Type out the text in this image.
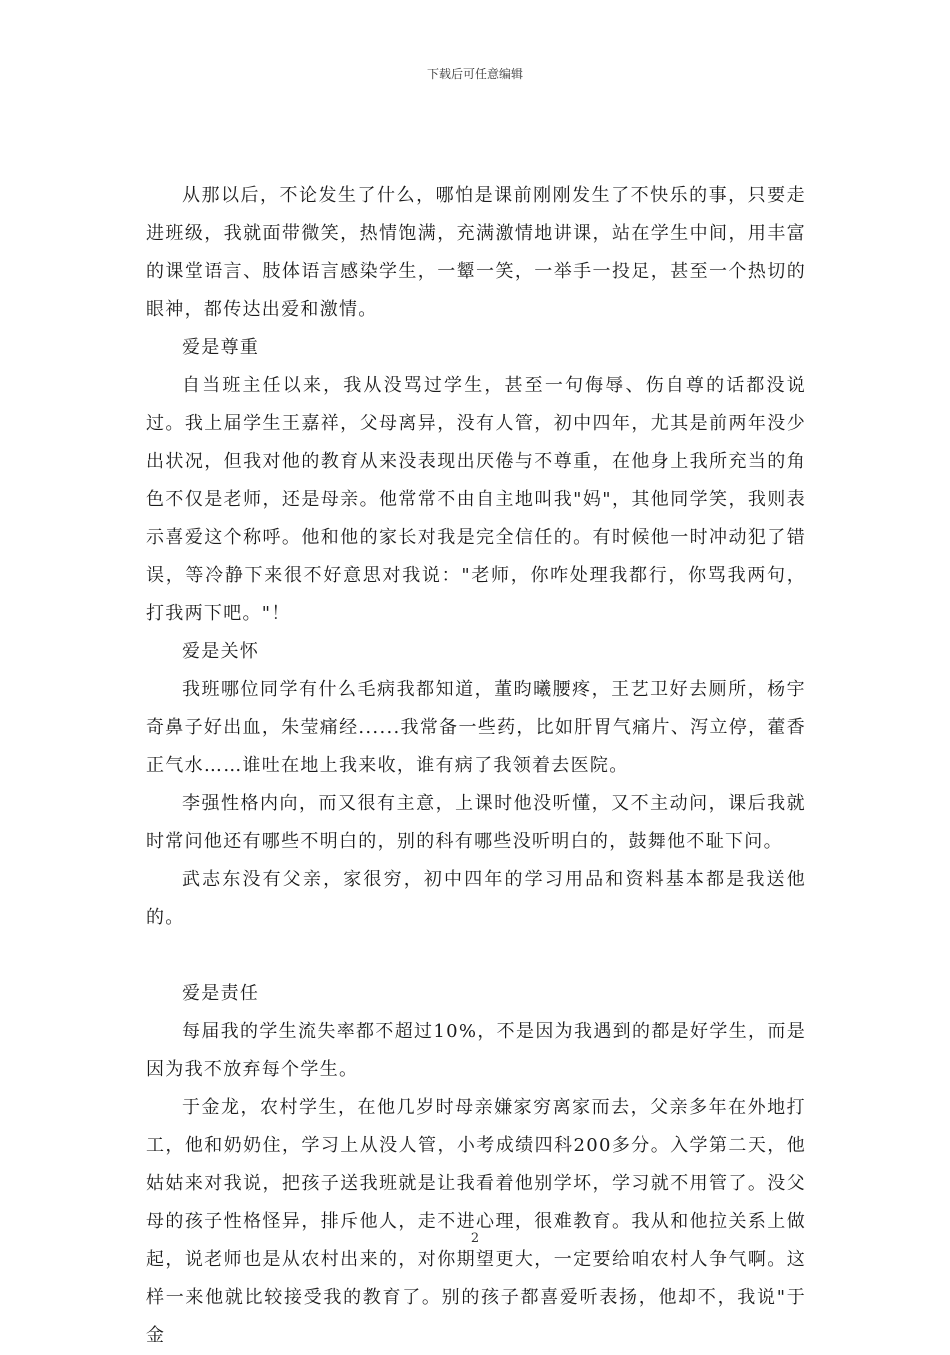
下载后可任意编辑

从那以后，不论发生了什么，哪怕是课前刚刚发生了不快乐的事，只要走进班级，我就面带微笑，热情饱满，充满激情地讲课，站在学生中间，用丰富的课堂语言、肢体语言感染学生，一颦一笑，一举手一投足，甚至一个热切的眼神，都传达出爱和激情。

爱是尊重

自当班主任以来，我从没骂过学生，甚至一句侮辱、伤自尊的话都没说过。我上届学生王嘉祥，父母离异，没有人管，初中四年，尤其是前两年没少出状况，但我对他的教育从来没表现出厌倦与不尊重，在他身上我所充当的角色不仅是老师，还是母亲。他常常不由自主地叫我"妈"，其他同学笑，我则表示喜爱这个称呼。他和他的家长对我是完全信任的。有时候他一时冲动犯了错误，等冷静下来很不好意思对我说："老师，你咋处理我都行，你骂我两句，打我两下吧。"！

爱是关怀

我班哪位同学有什么毛病我都知道，董昀曦腰疼，王艺卫好去厕所，杨宇奇鼻子好出血，朱莹痛经......我常备一些药，比如肝胃气痛片、泻立停，藿香正气水……谁吐在地上我来收，谁有病了我领着去医院。

李强性格内向，而又很有主意，上课时他没听懂，又不主动问，课后我就时常问他还有哪些不明白的，别的科有哪些没听明白的，鼓舞他不耻下问。

武志东没有父亲，家很穷，初中四年的学习用品和资料基本都是我送他的。

爱是责任

每届我的学生流失率都不超过10%，不是因为我遇到的都是好学生，而是因为我不放弃每个学生。

于金龙，农村学生，在他几岁时母亲嫌家穷离家而去，父亲多年在外地打工，他和奶奶住，学习上从没人管，小考成绩四科200多分。入学第二天，他姑姑来对我说，把孩子送我班就是让我看着他别学坏，学习就不用管了。没父母的孩子性格怪异，排斥他人，走不进心理，很难教育。我从和他拉关系上做起，说老师也是从农村出来的，对你期望更大，一定要给咱农村人争气啊。这样一来他就比较接受我的教育了。别的孩子都喜爱听表扬，他却不，我说"于金

2
